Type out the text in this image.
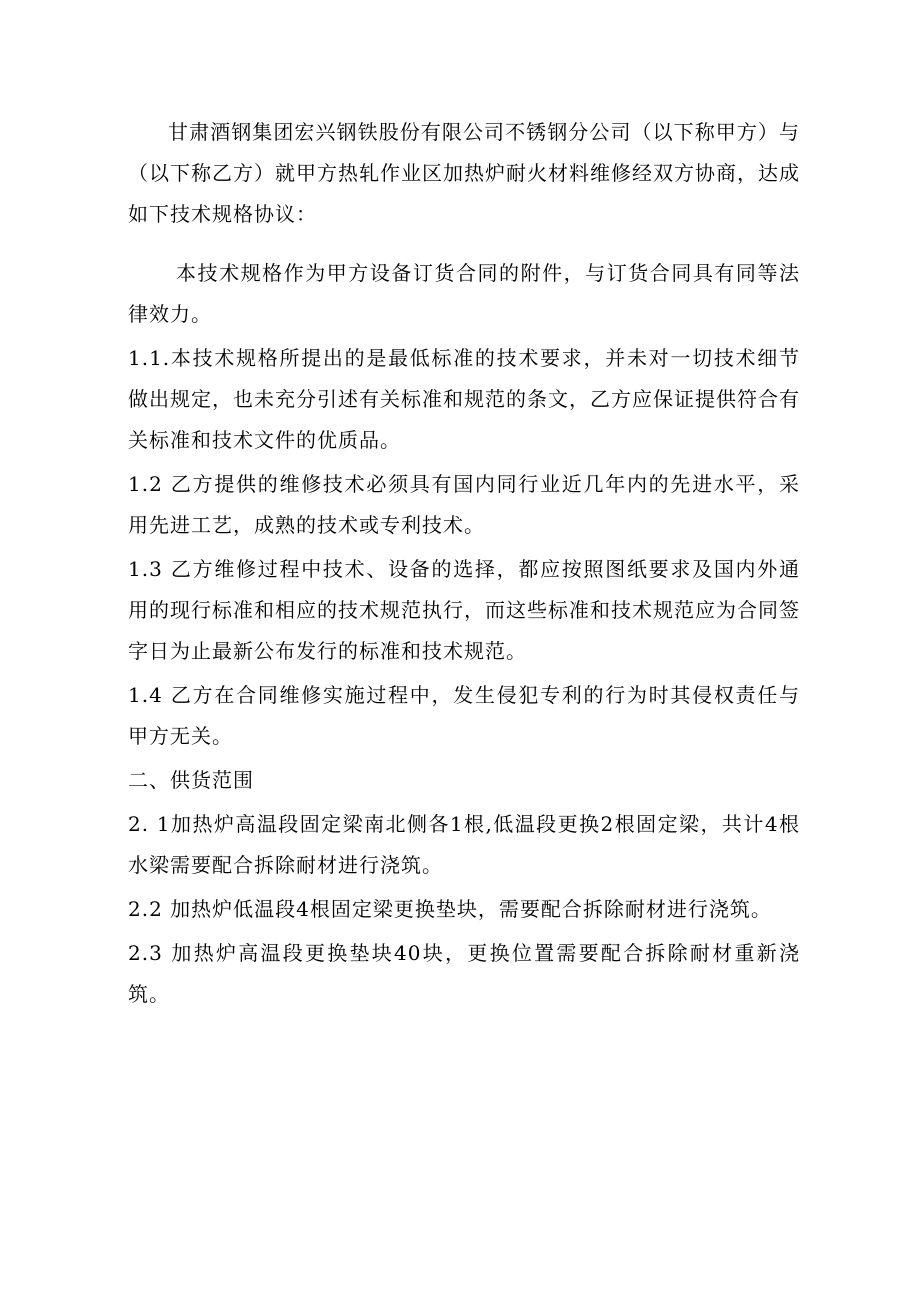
甘肃酒钢集团宏兴钢铁股份有限公司不锈钢分公司（以下称甲方）与（以下称乙方）就甲方热轧作业区加热炉耐火材料维修经双方协商，达成如下技术规格协议：

本技术规格作为甲方设备订货合同的附件，与订货合同具有同等法律效力。

1.1.本技术规格所提出的是最低标准的技术要求，并未对一切技术细节做出规定，也未充分引述有关标准和规范的条文，乙方应保证提供符合有关标准和技术文件的优质品。

1.2 乙方提供的维修技术必须具有国内同行业近几年内的先进水平，采用先进工艺，成熟的技术或专利技术。

1.3 乙方维修过程中技术、设备的选择，都应按照图纸要求及国内外通用的现行标准和相应的技术规范执行，而这些标准和技术规范应为合同签字日为止最新公布发行的标准和技术规范。

1.4 乙方在合同维修实施过程中，发生侵犯专利的行为时其侵权责任与甲方无关。

二、供货范围

2. 1加热炉高温段固定梁南北侧各1根,低温段更换2根固定梁，共计4根水梁需要配合拆除耐材进行浇筑。

2.2 加热炉低温段4根固定梁更换垫块，需要配合拆除耐材进行浇筑。

2.3 加热炉高温段更换垫块40块，更换位置需要配合拆除耐材重新浇筑。
